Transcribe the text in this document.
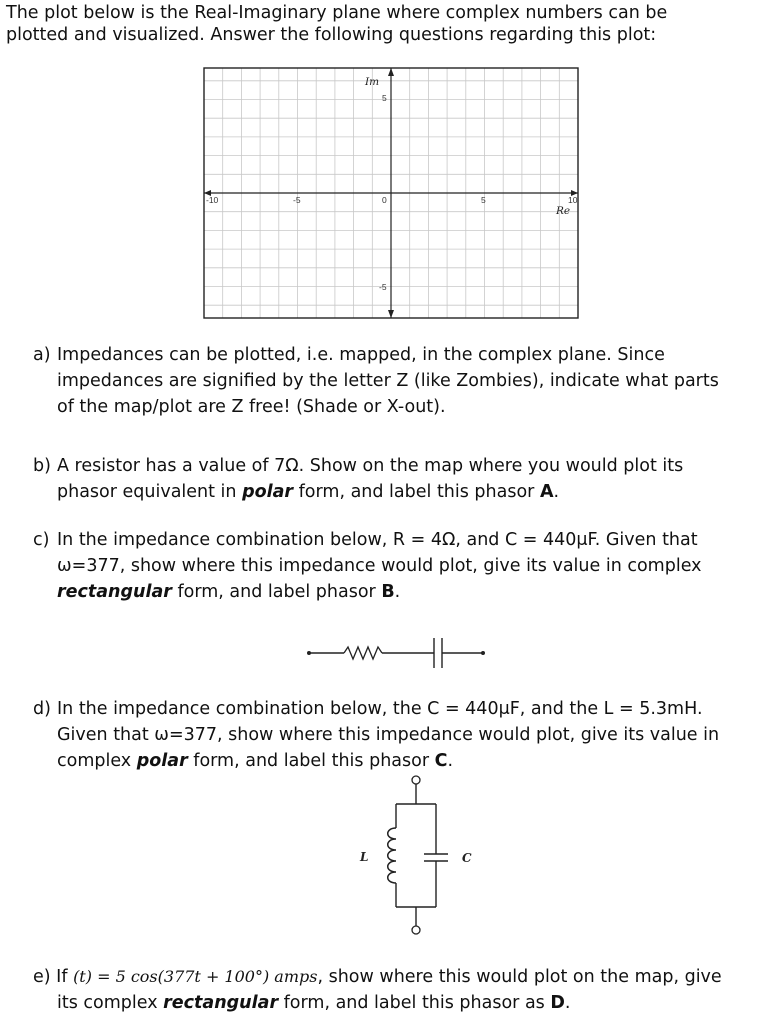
The plot below is the Real-Imaginary plane where complex numbers can be
plotted and visualized. Answer the following questions regarding this plot:
-10	-5	0	5	10
5
-5
Im
Re
a) Impedances can be plotted, i.e. mapped, in the complex plane. Since
impedances are signified by the letter Z (like Zombies), indicate what parts
of the map/plot are Z free! (Shade or X-out).
b) A resistor has a value of 7Ω. Show on the map where you would plot its
phasor equivalent in polar form, and label this phasor A.
c) In the impedance combination below, R = 4Ω, and C = 440μF. Given that
ω=377, show where this impedance would plot, give its value in complex
rectangular form, and label phasor B.
d) In the impedance combination below, the C = 440μF, and the L = 5.3mH.
Given that ω=377, show where this impedance would plot, give its value in
complex polar form, and label this phasor C.
L	C
e) If (t) = 5 cos(377t + 100°) amps, show where this would plot on the map, give
its complex rectangular form, and label this phasor as D.
